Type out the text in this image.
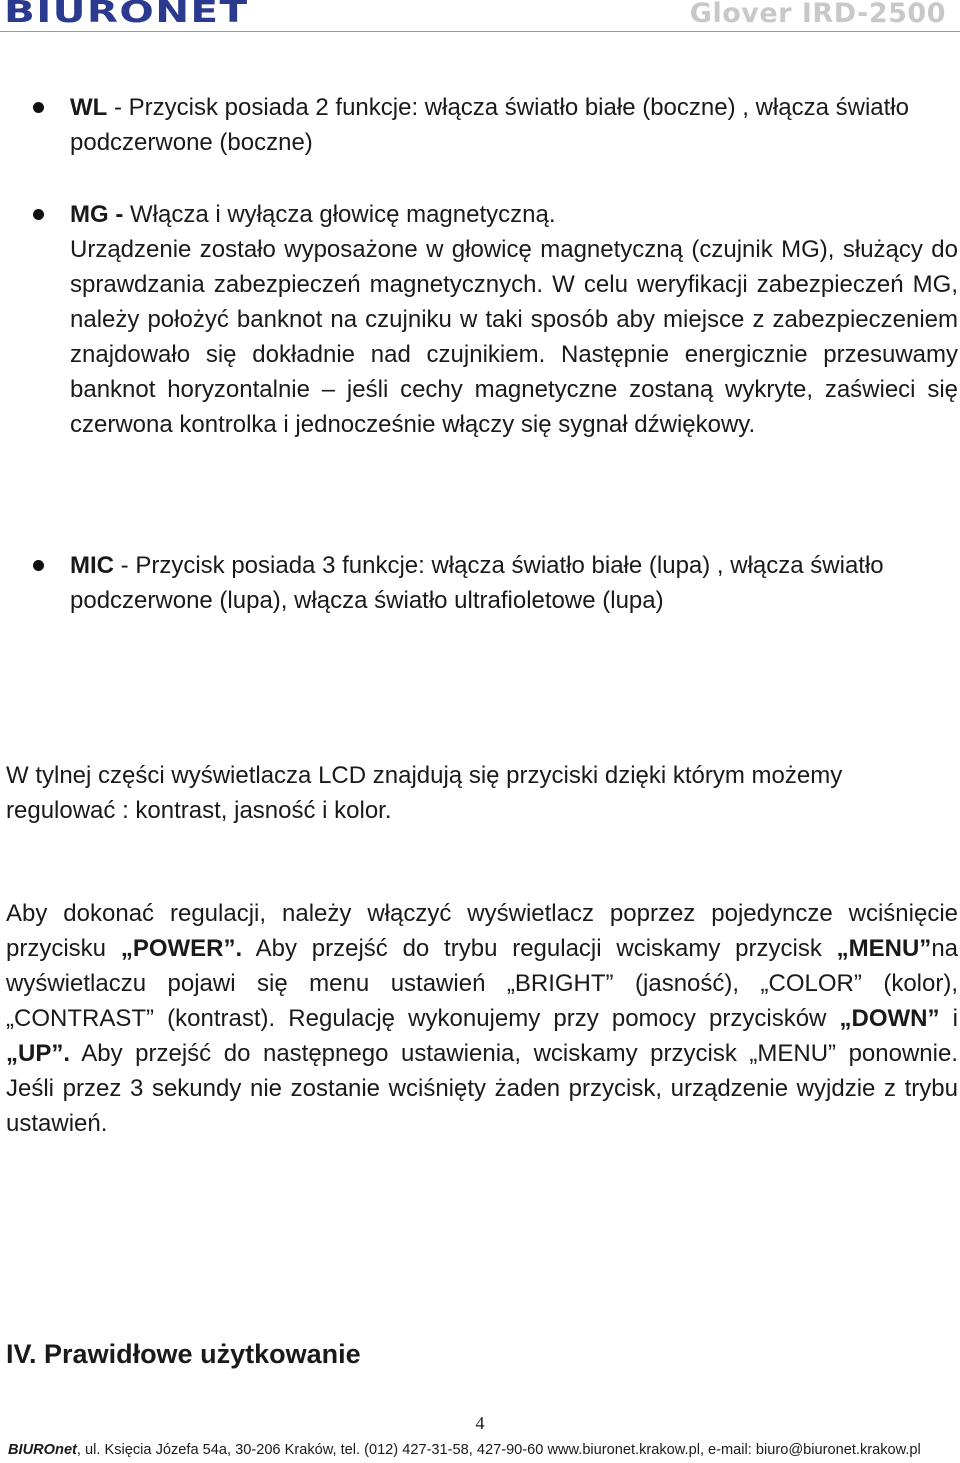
BIURONET	Glover IRD-2500
WL - Przycisk posiada 2 funkcje: włącza światło białe (boczne) , włącza światło podczerwone (boczne)
MG - Włącza i wyłącza głowicę magnetyczną.
Urządzenie zostało wyposażone w głowicę magnetyczną (czujnik MG), służący do sprawdzania zabezpieczeń magnetycznych. W celu weryfikacji zabezpieczeń MG, należy położyć banknot na czujniku w taki sposób aby miejsce z zabezpieczeniem znajdowało się dokładnie nad czujnikiem. Następnie energicznie przesuwamy banknot horyzontalnie – jeśli cechy magnetyczne zostaną wykryte, zaświeci się czerwona kontrolka i jednocześnie włączy się sygnał dźwiękowy.
MIC - Przycisk posiada 3 funkcje: włącza światło białe (lupa) , włącza światło podczerwone (lupa), włącza światło ultrafioletowe (lupa)
W tylnej części wyświetlacza LCD znajdują się przyciski dzięki którym możemy regulować : kontrast, jasność i kolor.
Aby dokonać regulacji, należy włączyć wyświetlacz poprzez pojedyncze wciśnięcie przycisku „POWER”. Aby przejść do trybu regulacji wciskamy przycisk „MENU”na wyświetlaczu pojawi się menu ustawień „BRIGHT” (jasność), „COLOR” (kolor), „CONTRAST” (kontrast). Regulację wykonujemy przy pomocy przycisków „DOWN” i „UP”. Aby przejść do następnego ustawienia, wciskamy przycisk „MENU” ponownie. Jeśli przez 3 sekundy nie zostanie wciśnięty żaden przycisk, urządzenie wyjdzie z trybu ustawień.
IV. Prawidłowe użytkowanie
4
BIUROnet, ul. Księcia Józefa 54a, 30-206 Kraków, tel. (012) 427-31-58, 427-90-60 www.biuronet.krakow.pl, e-mail: biuro@biuronet.krakow.pl
